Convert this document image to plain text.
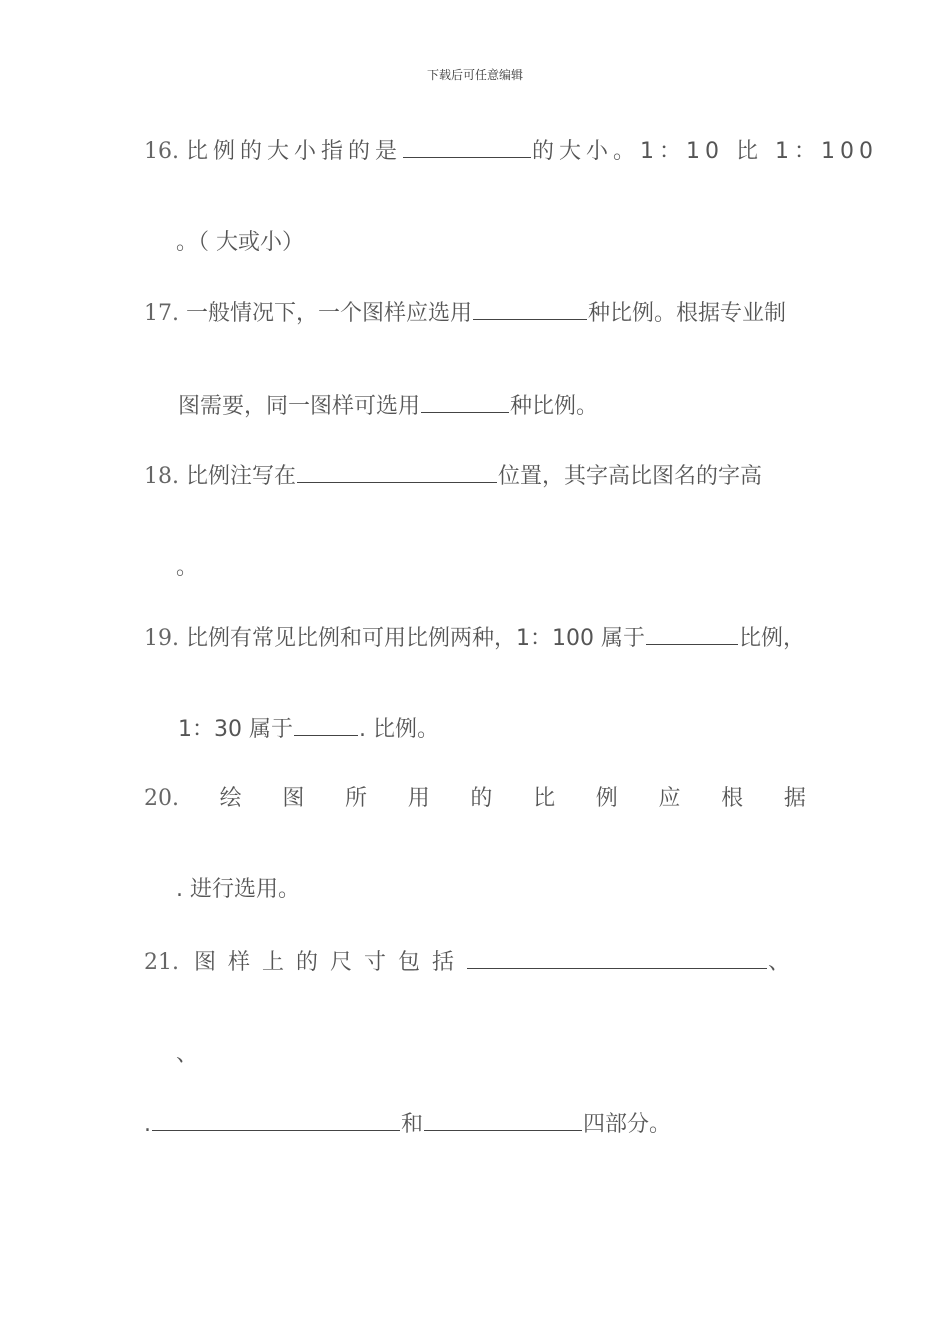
下载后可任意编辑
16. 比例的大小指的是	的大小。1：10 比 1：100
。（ 大或小）
17. 一般情况下，一个图样应选用	种比例。根据专业制
图需要，同一图样可选用	种比例。
18. 比例注写在	位置，其字高比图名的字高
。
19. 比例有常见比例和可用比例两种，1：100 属于	比例，
1：30 属于	. 比例。
20. 绘 图 所 用 的 比 例 应 根 据
. 进行选用。
21. 图样上的尺寸包括	、
、
.	和	四部分。
